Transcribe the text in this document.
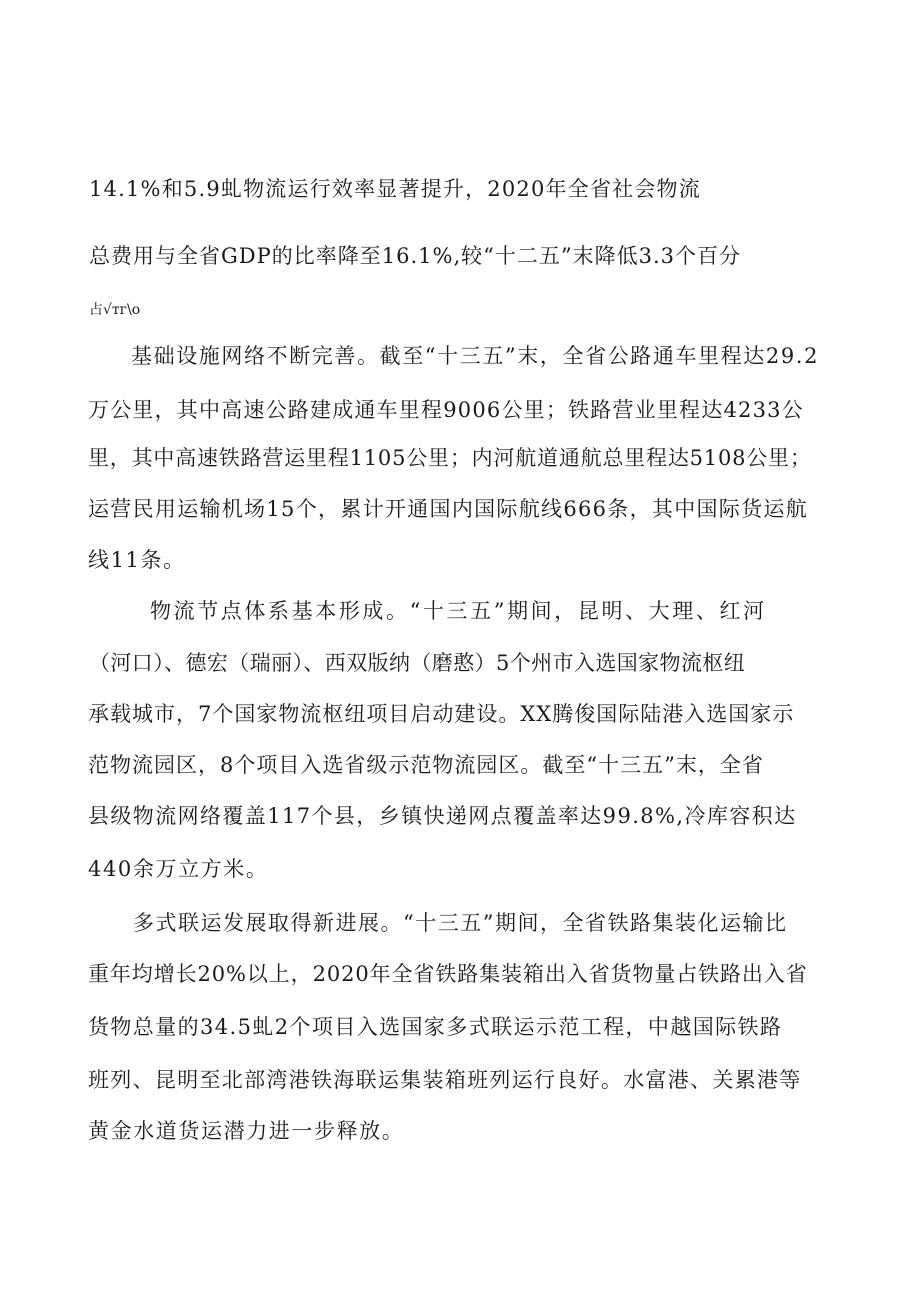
14.1%和5.9虬物流运行效率显著提升，2020年全省社会物流
总费用与全省GDP的比率降至16.1%,较“十二五”末降低3.3个百分
占√тг\o
基础设施网络不断完善。截至“十三五”末，全省公路通车里程达29.2
万公里，其中高速公路建成通车里程9006公里；铁路营业里程达4233公
里，其中高速铁路营运里程1105公里；内河航道通航总里程达5108公里；
运营民用运输机场15个，累计开通国内国际航线666条，其中国际货运航
线11条。
物流节点体系基本形成。“十三五”期间，昆明、大理、红河
（河口）、德宏（瑞丽）、西双版纳（磨憨）5个州市入选国家物流枢纽
承载城市，7个国家物流枢纽项目启动建设。XX腾俊国际陆港入选国家示
范物流园区，8个项目入选省级示范物流园区。截至“十三五”末，全省
县级物流网络覆盖117个县，乡镇快递网点覆盖率达99.8%,冷库容积达
440余万立方米。
多式联运发展取得新进展。“十三五”期间，全省铁路集装化运输比
重年均增长20%以上，2020年全省铁路集装箱出入省货物量占铁路出入省
货物总量的34.5虬2个项目入选国家多式联运示范工程，中越国际铁路
班列、昆明至北部湾港铁海联运集装箱班列运行良好。水富港、关累港等
黄金水道货运潜力进一步释放。
